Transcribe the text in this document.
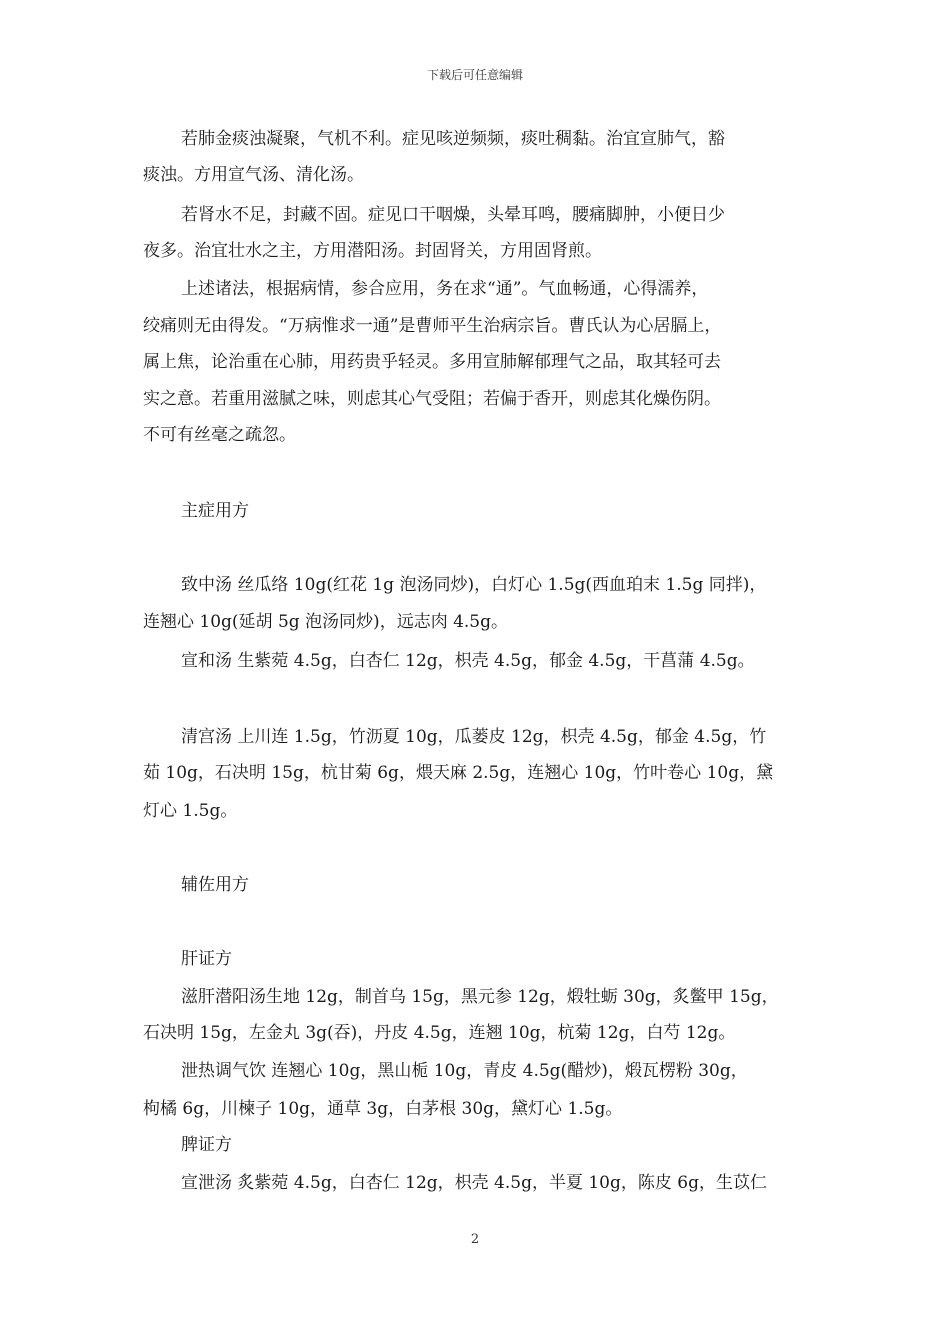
下载后可任意编辑
若肺金痰浊凝聚，气机不利。症见咳逆频频，痰吐稠黏。治宜宣肺气，豁
痰浊。方用宣气汤、清化汤。
若肾水不足，封藏不固。症见口干咽燥，头晕耳鸣，腰痛脚肿，小便日少
夜多。治宜壮水之主，方用潜阳汤。封固肾关，方用固肾煎。
上述诸法，根据病情，参合应用，务在求“通”。气血畅通，心得濡养，
绞痛则无由得发。“万病惟求一通”是曹师平生治病宗旨。曹氏认为心居膈上，
属上焦，论治重在心肺，用药贵乎轻灵。多用宣肺解郁理气之品，取其轻可去
实之意。若重用滋腻之味，则虑其心气受阻；若偏于香开，则虑其化燥伤阴。
不可有丝毫之疏忽。
主症用方
致中汤 丝瓜络 10g(红花 1g 泡汤同炒)，白灯心 1.5g(西血珀末 1.5g 同拌)，
连翘心 10g(延胡 5g 泡汤同炒)，远志肉 4.5g。
宣和汤 生紫菀 4.5g，白杏仁 12g，枳壳 4.5g，郁金 4.5g，干菖蒲 4.5g。
清宫汤 上川连 1.5g，竹沥夏 10g，瓜蒌皮 12g，枳壳 4.5g，郁金 4.5g，竹
茹 10g，石决明 15g，杭甘菊 6g，煨天麻 2.5g，连翘心 10g，竹叶卷心 10g，黛
灯心 1.5g。
辅佐用方
肝证方
滋肝潜阳汤生地 12g，制首乌 15g，黑元参 12g，煅牡蛎 30g，炙鳖甲 15g，
石决明 15g，左金丸 3g(吞)，丹皮 4.5g，连翘 10g，杭菊 12g，白芍 12g。
泄热调气饮 连翘心 10g，黑山栀 10g，青皮 4.5g(醋炒)，煅瓦楞粉 30g，
枸橘 6g，川楝子 10g，通草 3g，白茅根 30g，黛灯心 1.5g。
脾证方
宣泄汤 炙紫菀 4.5g，白杏仁 12g，枳壳 4.5g，半夏 10g，陈皮 6g，生苡仁
2
